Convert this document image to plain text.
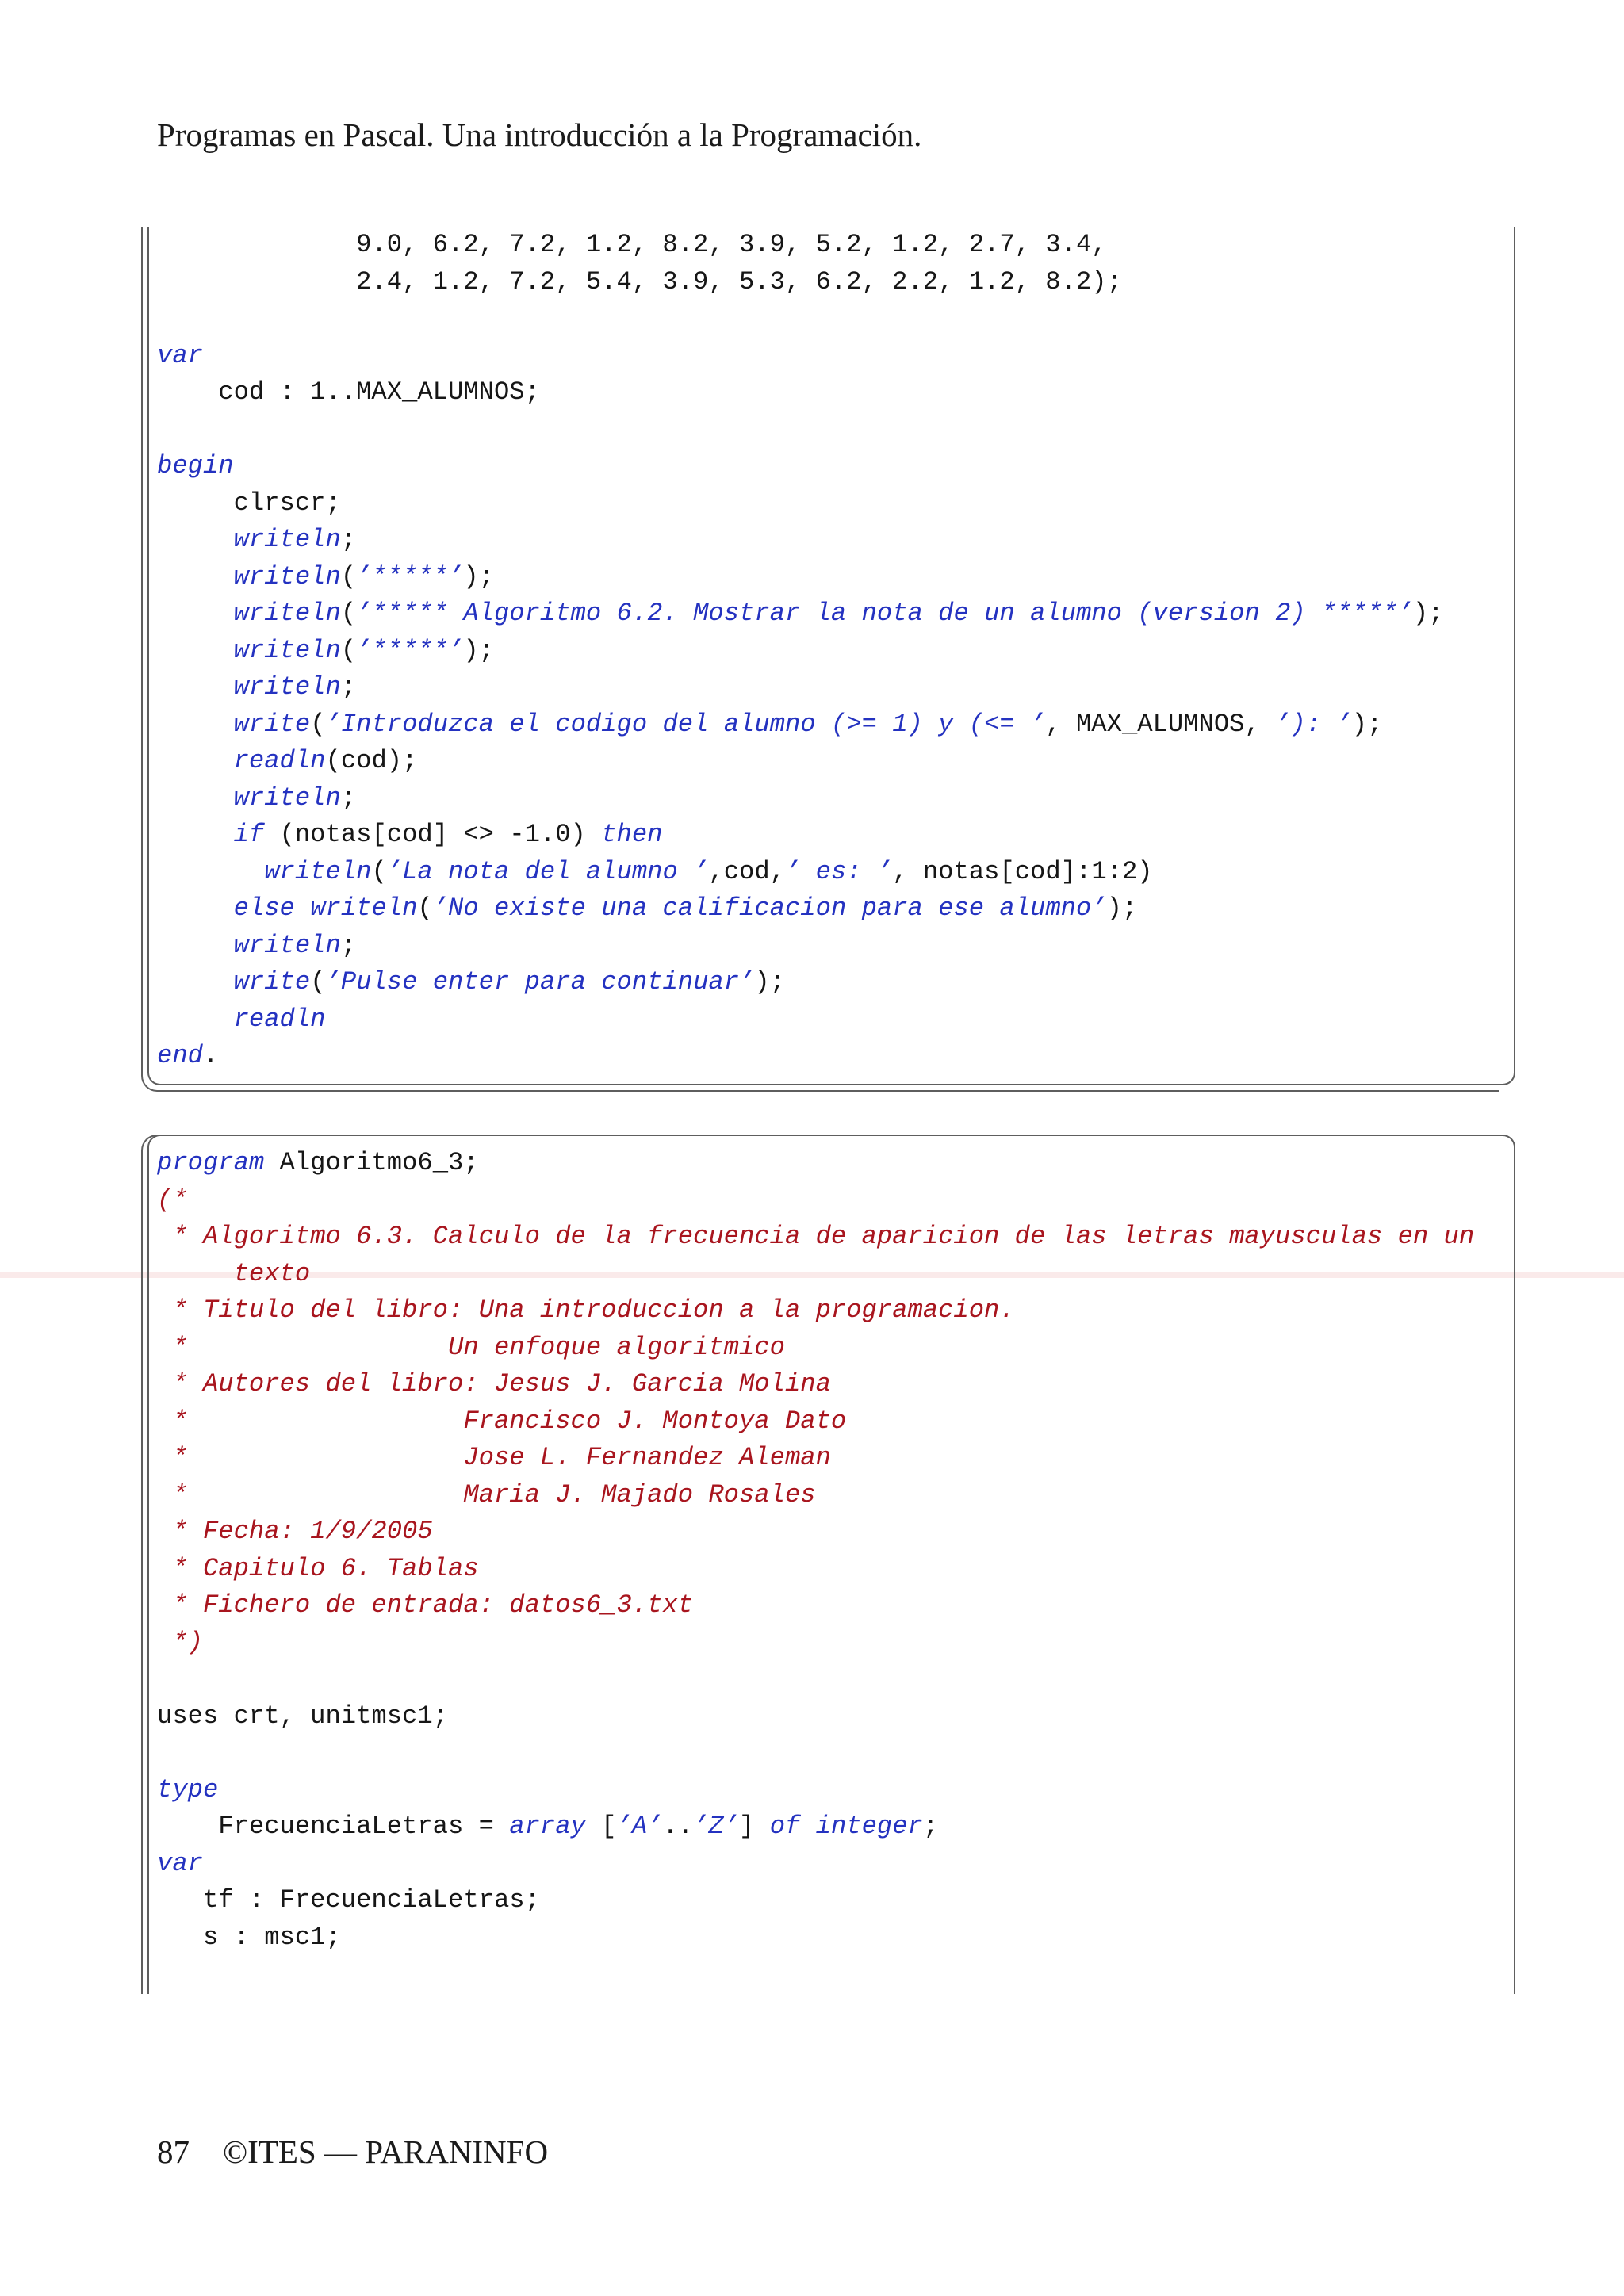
Programas en Pascal. Una introducción a la Programación.
9.0, 6.2, 7.2, 1.2, 8.2, 3.9, 5.2, 1.2, 2.7, 3.4,
2.4, 1.2, 7.2, 5.4, 3.9, 5.3, 6.2, 2.2, 1.2, 8.2);
var
cod : 1..MAX_ALUMNOS;
begin
clrscr;
writeln;
writeln(’*****’);
writeln(’***** Algoritmo 6.2. Mostrar la nota de un alumno (version 2) *****’);
writeln(’*****’);
writeln;
write(’Introduzca el codigo del alumno (>= 1) y (<= ’, MAX_ALUMNOS, ’): ’);
readln(cod);
writeln;
if (notas[cod] <> -1.0) then
writeln(’La nota del alumno ’,cod,’ es: ’, notas[cod]:1:2)
else writeln(’No existe una calificacion para ese alumno’);
writeln;
write(’Pulse enter para continuar’);
readln
end.
program Algoritmo6_3;
(*
* Algoritmo 6.3. Calculo de la frecuencia de aparicion de las letras mayusculas en un
texto
* Titulo del libro: Una introduccion a la programacion.
*                 Un enfoque algoritmico
* Autores del libro: Jesus J. Garcia Molina
*                  Francisco J. Montoya Dato
*                  Jose L. Fernandez Aleman
*                  Maria J. Majado Rosales
* Fecha: 1/9/2005
* Capitulo 6. Tablas
* Fichero de entrada: datos6_3.txt
*)
uses crt, unitmsc1;
type
FrecuenciaLetras = array [’A’..’Z’] of integer;
var
tf : FrecuenciaLetras;
s : msc1;
87 ©ITES — PARANINFO
